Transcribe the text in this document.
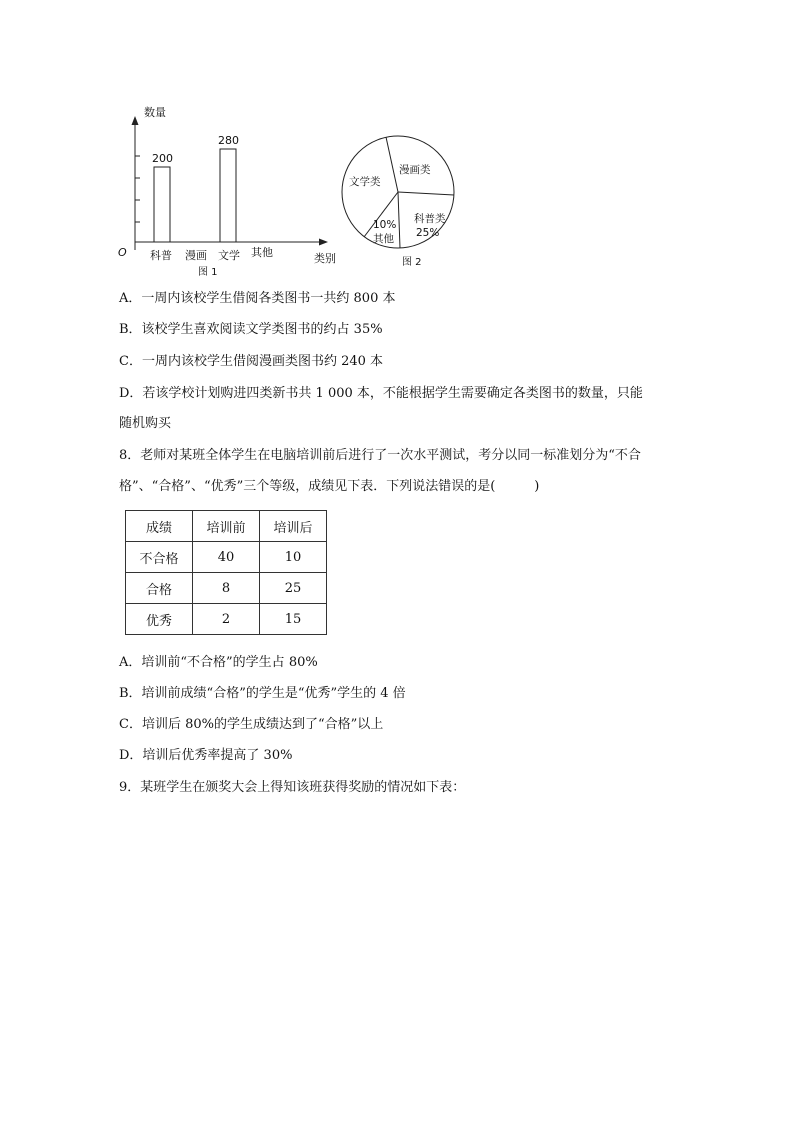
200
280
数量
O 科普 漫画 文学 其他	类别
图 1
漫画类
文学类
科普类
25%
10%
其他
图 2
A．一周内该校学生借阅各类图书一共约 800 本
B．该校学生喜欢阅读文学类图书的约占 35%
C．一周内该校学生借阅漫画类图书约 240 本
D．若该学校计划购进四类新书共 1 000 本，不能根据学生需要确定各类图书的数量，只能
随机购买
8．老师对某班全体学生在电脑培训前后进行了一次水平测试，考分以同一标准划分为“不合
格”、“合格”、“优秀”三个等级，成绩见下表．下列说法错误的是(　　　)
成绩	培训前	培训后
不合格	40	10
合格	8	25
优秀	2	15
A．培训前“不合格”的学生占 80%
B．培训前成绩“合格”的学生是“优秀”学生的 4 倍
C．培训后 80%的学生成绩达到了“合格”以上
D．培训后优秀率提高了 30%
9．某班学生在颁奖大会上得知该班获得奖励的情况如下表：
